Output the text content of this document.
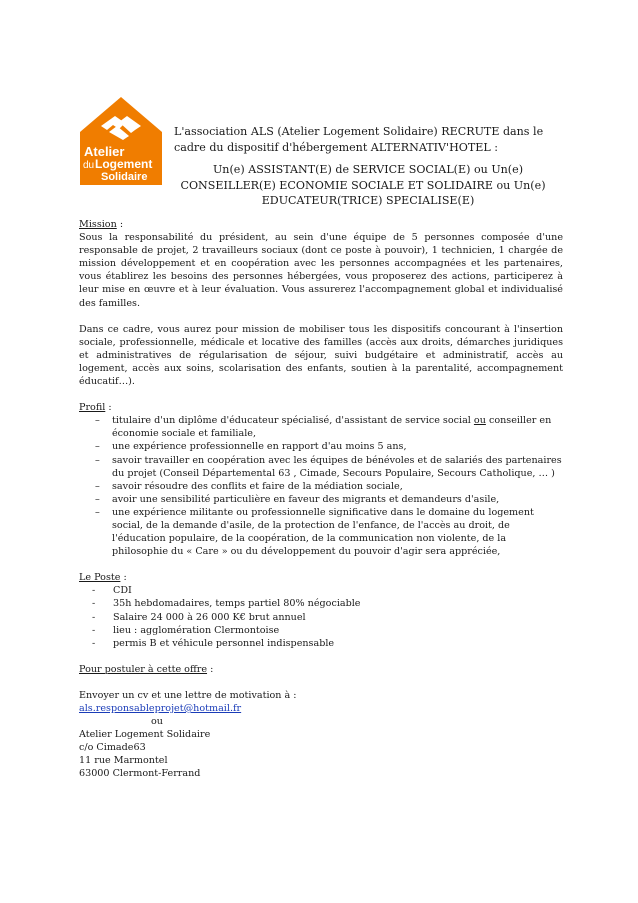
Atelier
du Logement
Solidaire
L'association ALS (Atelier Logement Solidaire) RECRUTE dans le
cadre du dispositif d'hébergement ALTERNATIV'HOTEL :
Un(e) ASSISTANT(E) de SERVICE SOCIAL(E) ou Un(e)

CONSEILLER(E) ECONOMIE SOCIALE ET SOLIDAIRE ou Un(e)
EDUCATEUR(TRICE) SPECIALISE(E)

Mission :

Sous la responsabilité du président, au sein d'une équipe de 5 personnes composée d'une responsable de projet, 2 travailleurs sociaux (dont ce poste à pouvoir), 1 technicien, 1 chargée de mission développement et en coopération avec les personnes accompagnées et les partenaires, vous établirez les besoins des personnes hébergées, vous proposerez des actions, participerez à leur mise en œuvre et à leur évaluation. Vous assurerez l'accompagnement global et individualisé des familles.

Dans ce cadre, vous aurez pour mission de mobiliser tous les dispositifs concourant à l'insertion sociale, professionnelle, médicale et locative des familles (accès aux droits, démarches juridiques et administratives de régularisation de séjour, suivi budgétaire et administratif, accès au logement, accès aux soins, scolarisation des enfants, soutien à la parentalité, accompagnement éducatif…).

Profil :

– titulaire d'un diplôme d'éducateur spécialisé, d'assistant de service social ou conseiller en économie sociale et familiale,
– une expérience professionnelle en rapport d'au moins 5 ans,
– savoir travailler en coopération avec les équipes de bénévoles et de salariés des partenaires du projet (Conseil Départemental 63 , Cimade, Secours Populaire, Secours Catholique, … )
– savoir résoudre des conflits et faire de la médiation sociale,
– avoir une sensibilité particulière en faveur des migrants et demandeurs d'asile,
– une expérience militante ou professionnelle significative dans le domaine du logement social, de la demande d'asile, de la protection de l'enfance, de l'accès au droit, de l'éducation populaire, de la coopération, de la communication non violente, de la philosophie du « Care » ou du développement du pouvoir d'agir sera appréciée,

Le Poste :

- CDI
- 35h hebdomadaires, temps partiel 80% négociable
- Salaire 24 000 à 26 000 K€ brut annuel
- lieu : agglomération Clermontoise
- permis B et véhicule personnel indispensable

Pour postuler à cette offre :

Envoyer un cv et une lettre de motivation à :

als.responsableprojet@hotmail.fr

ou

Atelier Logement Solidaire

c/o Cimade63

11 rue Marmontel

63000 Clermont-Ferrand
